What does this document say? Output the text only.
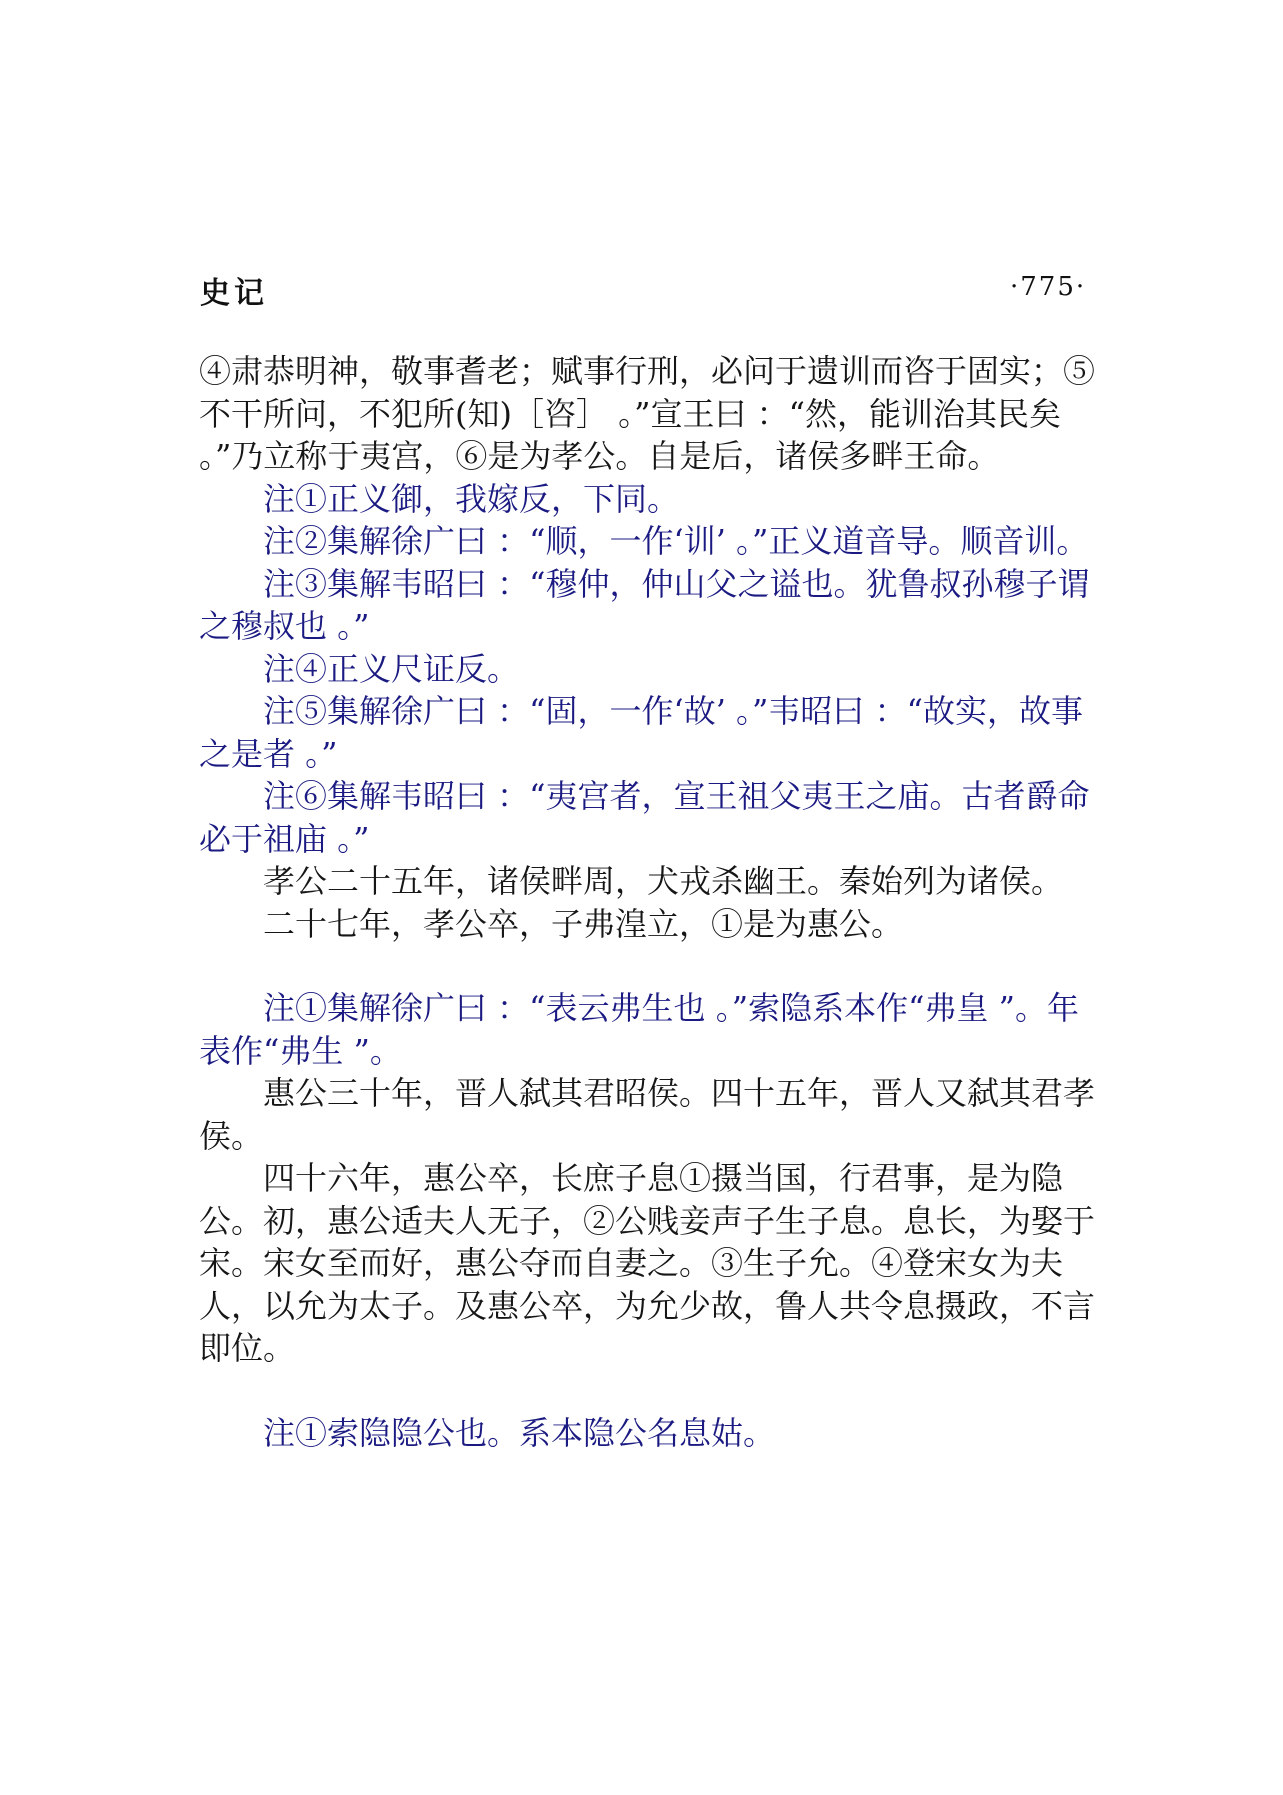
史记	·775·

④肃恭明神，敬事耆老；赋事行刑，必问于遗训而咨于固实；⑤不干所问，不犯所(知)［咨］ 。”宣王曰 ：“然，能训治其民矣 。”乃立称于夷宫，⑥是为孝公。自是后，诸侯多畔王命。

注①正义御，我嫁反，下同。

注②集解徐广曰 ：“顺，一作‘训’ 。”正义道音导。顺音训。

注③集解韦昭曰 ：“穆仲，仲山父之谥也。犹鲁叔孙穆子谓之穆叔也 。”

注④正义尺证反。

注⑤集解徐广曰 ：“固，一作‘故’ 。”韦昭曰 ：“故实，故事之是者 。”

注⑥集解韦昭曰 ：“夷宫者，宣王祖父夷王之庙。古者爵命必于祖庙 。”

孝公二十五年，诸侯畔周，犬戎杀幽王。秦始列为诸侯。

二十七年，孝公卒，子弗湟立，①是为惠公。

注①集解徐广曰 ：“表云弗生也 。”索隐系本作“弗皇 ”。年表作“弗生 ”。

惠公三十年，晋人弑其君昭侯。四十五年，晋人又弑其君孝侯。

四十六年，惠公卒，长庶子息①摄当国，行君事，是为隐公。初，惠公适夫人无子，②公贱妾声子生子息。息长，为娶于宋。宋女至而好，惠公夺而自妻之。③生子允。④登宋女为夫人，以允为太子。及惠公卒，为允少故，鲁人共令息摄政，不言即位。

注①索隐隐公也。系本隐公名息姑。
